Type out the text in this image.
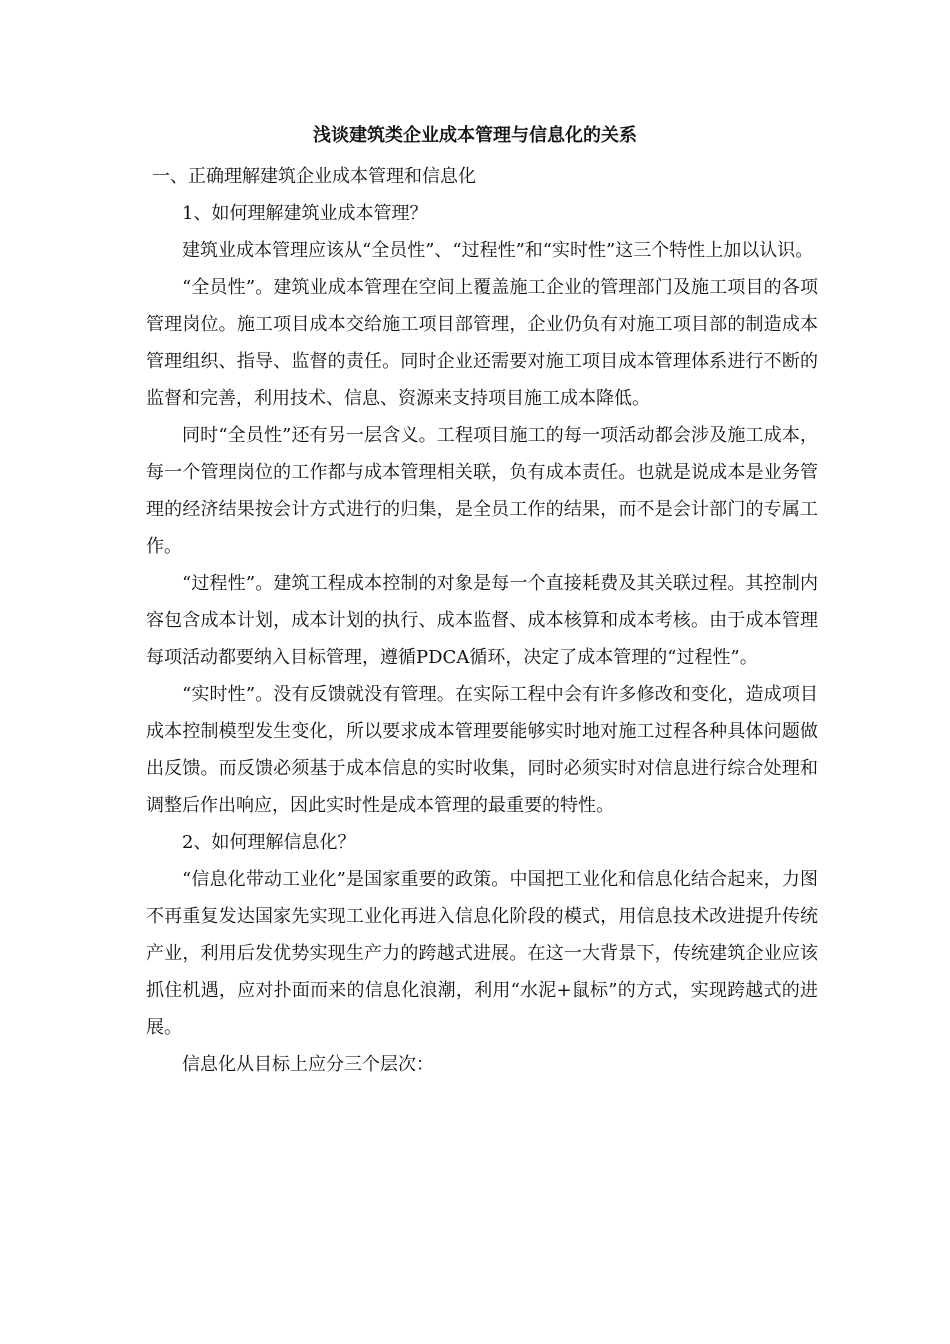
浅谈建筑类企业成本管理与信息化的关系

一、正确理解建筑企业成本管理和信息化

1、如何理解建筑业成本管理？

建筑业成本管理应该从“全员性”、“过程性”和“实时性”这三个特性上加以认识。

“全员性”。建筑业成本管理在空间上覆盖施工企业的管理部门及施工项目的各项管理岗位。施工项目成本交给施工项目部管理，企业仍负有对施工项目部的制造成本管理组织、指导、监督的责任。同时企业还需要对施工项目成本管理体系进行不断的监督和完善，利用技术、信息、资源来支持项目施工成本降低。

同时“全员性”还有另一层含义。工程项目施工的每一项活动都会涉及施工成本，每一个管理岗位的工作都与成本管理相关联，负有成本责任。也就是说成本是业务管理的经济结果按会计方式进行的归集，是全员工作的结果，而不是会计部门的专属工作。

“过程性”。建筑工程成本控制的对象是每一个直接耗费及其关联过程。其控制内容包含成本计划，成本计划的执行、成本监督、成本核算和成本考核。由于成本管理每项活动都要纳入目标管理，遵循PDCA循环，决定了成本管理的“过程性”。

“实时性”。没有反馈就没有管理。在实际工程中会有许多修改和变化，造成项目成本控制模型发生变化，所以要求成本管理要能够实时地对施工过程各种具体问题做出反馈。而反馈必须基于成本信息的实时收集，同时必须实时对信息进行综合处理和调整后作出响应，因此实时性是成本管理的最重要的特性。

2、如何理解信息化？

“信息化带动工业化”是国家重要的政策。中国把工业化和信息化结合起来，力图不再重复发达国家先实现工业化再进入信息化阶段的模式，用信息技术改进提升传统产业，利用后发优势实现生产力的跨越式进展。在这一大背景下，传统建筑企业应该抓住机遇，应对扑面而来的信息化浪潮，利用“水泥+鼠标”的方式，实现跨越式的进展。

信息化从目标上应分三个层次：
